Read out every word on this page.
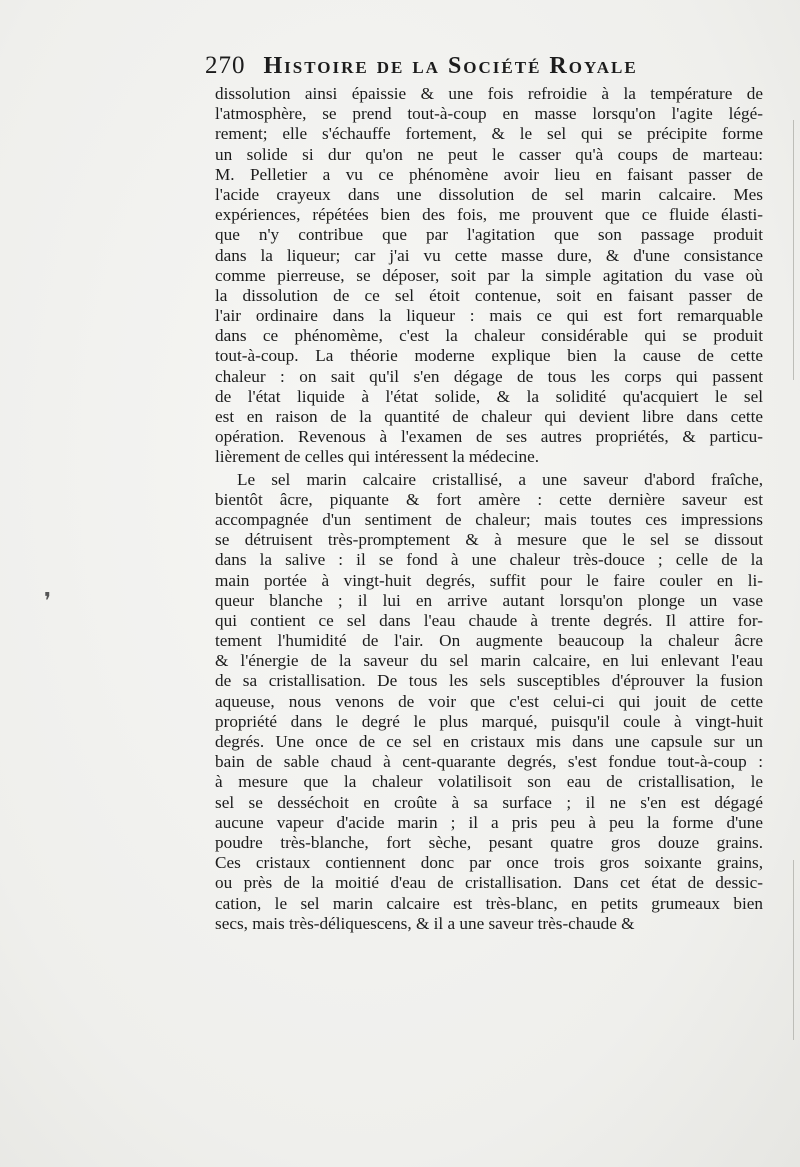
270 Histoire de la Société Royale
dissolution ainsi épaissie & une fois refroidie à la température de
l'atmosphère, se prend tout-à-coup en masse lorsqu'on l'agite légé-
rement; elle s'échauffe fortement, & le sel qui se précipite forme
un solide si dur qu'on ne peut le casser qu'à coups de marteau:
M. Pelletier a vu ce phénomène avoir lieu en faisant passer de
l'acide crayeux dans une dissolution de sel marin calcaire. Mes
expériences, répétées bien des fois, me prouvent que ce fluide élasti-
que n'y contribue que par l'agitation que son passage produit
dans la liqueur; car j'ai vu cette masse dure, & d'une consistance
comme pierreuse, se déposer, soit par la simple agitation du vase où
la dissolution de ce sel étoit contenue, soit en faisant passer de
l'air ordinaire dans la liqueur : mais ce qui est fort remarquable
dans ce phénomème, c'est la chaleur considérable qui se produit
tout-à-coup. La théorie moderne explique bien la cause de cette
chaleur : on sait qu'il s'en dégage de tous les corps qui passent
de l'état liquide à l'état solide, & la solidité qu'acquiert le sel
est en raison de la quantité de chaleur qui devient libre dans cette
opération. Revenous à l'examen de ses autres propriétés, & particu-
lièrement de celles qui intéressent la médecine.
Le sel marin calcaire cristallisé, a une saveur d'abord fraîche,
bientôt âcre, piquante & fort amère : cette dernière saveur est
accompagnée d'un sentiment de chaleur; mais toutes ces impressions
se détruisent très-promptement & à mesure que le sel se dissout
dans la salive : il se fond à une chaleur très-douce ; celle de la
main portée à vingt-huit degrés, suffit pour le faire couler en li-
queur blanche ; il lui en arrive autant lorsqu'on plonge un vase
qui contient ce sel dans l'eau chaude à trente degrés. Il attire for-
tement l'humidité de l'air. On augmente beaucoup la chaleur âcre
& l'énergie de la saveur du sel marin calcaire, en lui enlevant l'eau
de sa cristallisation. De tous les sels susceptibles d'éprouver la fusion
aqueuse, nous venons de voir que c'est celui-ci qui jouit de cette
propriété dans le degré le plus marqué, puisqu'il coule à vingt-huit
degrés. Une once de ce sel en cristaux mis dans une capsule sur un
bain de sable chaud à cent-quarante degrés, s'est fondue tout-à-coup :
à mesure que la chaleur volatilisoit son eau de cristallisation, le
sel se desséchoit en croûte à sa surface ; il ne s'en est dégagé
aucune vapeur d'acide marin ; il a pris peu à peu la forme d'une
poudre très-blanche, fort sèche, pesant quatre gros douze grains.
Ces cristaux contiennent donc par once trois gros soixante grains,
ou près de la moitié d'eau de cristallisation. Dans cet état de dessic-
cation, le sel marin calcaire est très-blanc, en petits grumeaux bien
secs, mais très-déliquescens, & il a une saveur très-chaude &
❜
